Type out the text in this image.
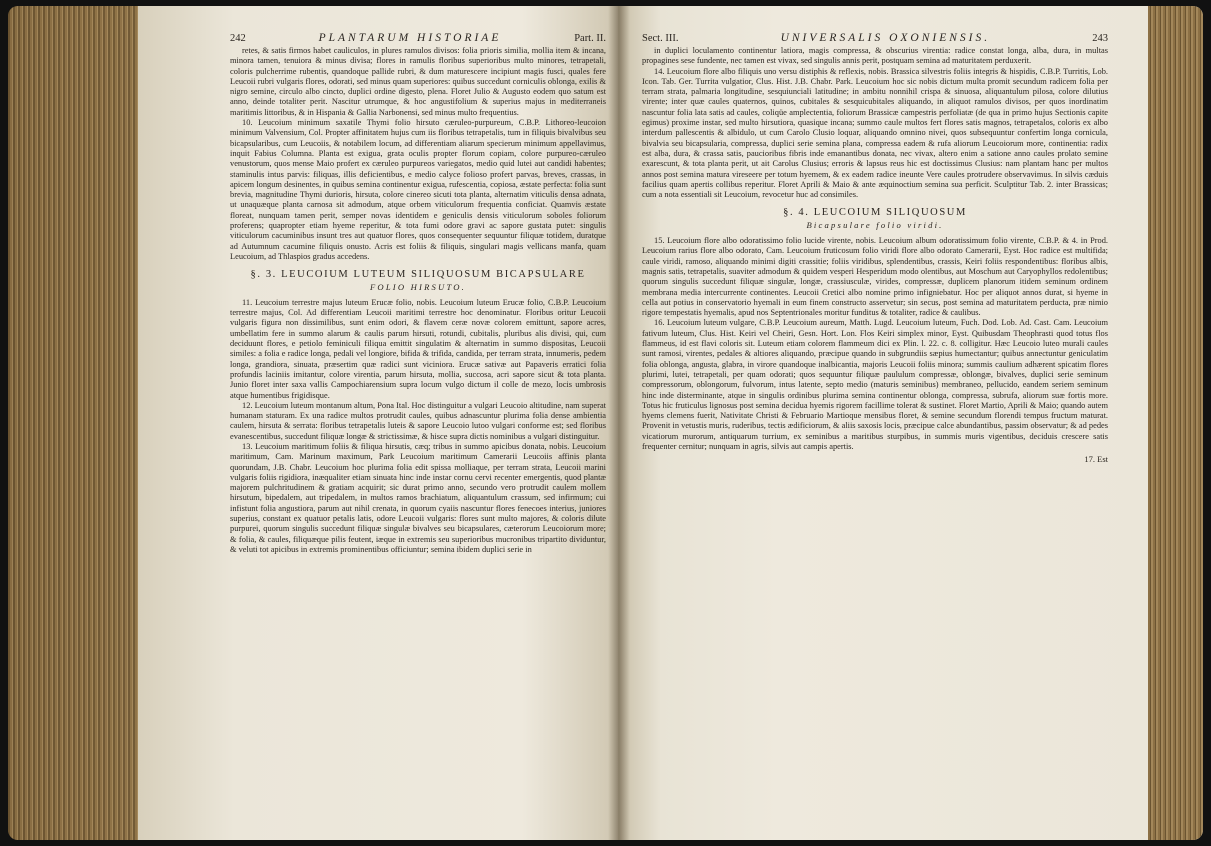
242	PLANTARUM HISTORIAE	Part. II.

retes, & satis firmos habet cauliculos, in plures ramulos divisos: folia prioris similia, mollia item & incana, minora tamen, tenuiora & minus divisa; flores in ramulis floribus superioribus multo minores, tetrapetali, coloris pulcherrime rubentis, quandoque pallide rubri, & dum maturescere incipiunt magis fusci, quales fere Leucoii rubri vulgaris flores, odorati, sed minus quam superiores: quibus succedunt corniculis oblonga, exilis & nigro semine, circulo albo cincto, duplici ordine digesto, plena. Floret Julio & Augusto eodem quo satum est anno, deinde totaliter perit. Nascitur utrumque, & hoc angustifolium & superius majus in mediterraneis maritimis littoribus, & in Hispania & Gallia Narbonensi, sed minus multo frequentius.

10. Leucoium minimum saxatile Thymi folio hirsuto cæruleo-purpureum, C.B.P. Lithoreo-leucoion minimum Valvensium, Col. Propter affinitatem hujus cum iis floribus tetrapetalis, tum in filiquis bivalvibus seu bicapsularibus, cum Leucoiis, & notabilem locum, ad differentiam aliarum specierum minimum appellavimus, inquit Fabius Columna. Planta est exigua, grata oculis propter florum copiam, colore purpureo-cæruleo venustorum, quos mense Maio profert ex cæruleo purpureos variegatos, medio quid lutei aut candidi habentes; staminulis intus parvis: filiquas, illis deficientibus, e medio calyce folioso profert parvas, breves, crassas, in apicem longum desinentes, in quibus semina continentur exigua, rufescentia, copiosa, æstate perfecta: folia sunt brevia, magnitudine Thymi durioris, hirsuta, colore cinereo sicuti tota planta, alternatim viticulis densa adnata, ut unaquæque planta carnosa sit admodum, atque orbem viticulorum frequentia conficiat. Quamvis æstate floreat, nunquam tamen perit, semper novas identidem e geniculis densis viticulorum soboles foliorum proferens; quapropter etiam hyeme reperitur, & tota fumi odore gravi ac sapore gustata putet: singulis viticulorum cacuminibus insunt tres aut quatuor flores, quos consequenter sequuntur filiquæ totidem, duratque ad Autumnum cacumine filiquis onusto. Acris est foliis & filiquis, singulari magis vellicans manfa, quam Leucoium, ad Thlaspios gradus accedens.

§. 3. LEUCOIUM LUTEUM SILIQUOSUM BICAPSULARE
FOLIO HIRSUTO.

11. Leucoium terrestre majus luteum Erucæ folio, nobis. Leucoium luteum Erucæ folio, C.B.P. Leucoium terrestre majus, Col. Ad differentiam Leucoii maritimi terrestre hoc denominatur. Floribus oritur Leucoii vulgaris figura non dissimilibus, sunt enim odori, & flavem ceræ novæ colorem emittunt, sapore acres, umbellatim fere in summo alarum & caulis parum hirsuti, rotundi, cubitalis, pluribus alis divisi, qui, cum deciduunt flores, e petiolo feminiculi filiqua emittit singulatim & alternatim in summo dispositas, Leucoii similes: a folia e radice longa, pedali vel longiore, bifida & trifida, candida, per terram strata, innumeris, pedem longa, grandiora, sinuata, præsertim quæ radici sunt viciniora. Erucæ sativæ aut Papaveris erratici folia profundis laciniis imitantur, colore virentia, parum hirsuta, mollia, succosa, acri sapore sicut & tota planta. Junio floret inter saxa vallis Campochiarensium supra locum vulgo dictum il colle de mezo, locis umbrosis atque humentibus frigidisque.

12. Leucoium luteum montanum altum, Pona Ital. Hoc distinguitur a vulgari Leucoio altitudine, nam superat humanam staturam. Ex una radice multos protrudit caules, quibus adnascuntur plurima folia dense ambientia caulem, hirsuta & serrata: floribus tetrapetalis luteis & sapore Leucoio lutoo vulgari conforme est; sed floribus evanescentibus, succedunt filiquæ longæ & strictissimæ, & hisce supra dictis nominibus a vulgari distinguitur.

13. Leucoium maritimum foliis & filiqua hirsutis, cæq; tribus in summo apicibus donata, nobis. Leucoium maritimum, Cam. Marinum maximum, Park Leucoium maritimum Camerarii Leucoiis affinis planta quorundam, J.B. Chabr. Leucoium hoc plurima folia edit spissa molliaque, per terram strata, Leucoii marini vulgaris foliis rigidiora, inæqualiter etiam sinuata hinc inde instar cornu cervi recenter emergentis, quod plantæ majorem pulchritudinem & gratiam acquirit; sic durat primo anno, secundo vero protrudit caulem mollem hirsutum, bipedalem, aut tripedalem, in multos ramos brachiatum, aliquantulum crassum, sed infirmum; cui infistunt folia angustiora, parum aut nihil crenata, in quorum cyaiis nascuntur flores fenecoes interius, juniores superius, constant ex quatuor petalis latis, odore Leucoii vulgaris: flores sunt multo majores, & coloris dilute purpurei, quorum singulis succedunt filiquæ singulæ bivalves seu bicapsulares, cæterorum Leucoiorum more; & folia, & caules, filiquæque pilis feutent, iæque in extremis seu superioribus mucronibus tripartito dividuntur, & veluti tot apicibus in extremis prominentibus officiuntur; semina ibidem duplici serie in

Sect. III.	UNIVERSALIS OXONIENSIS.	243

in duplici loculamento continentur latiora, magis compressa, & obscurius virentia: radice constat longa, alba, dura, in multas propagines sese fundente, nec tamen est vivax, sed singulis annis perit, postquam semina ad maturitatem perduxerit.

14. Leucoium flore albo filiquis uno versu distiphis & reflexis, nobis. Brassica silvestris foliis integris & hispidis, C.B.P. Turritis, Lob. Icon. Tab. Ger. Turrita vulgatior, Clus. Hist. J.B. Chabr. Park. Leucoium hoc sic nobis dictum multa promit secundum radicem folia per terram strata, palmaria longitudine, sesquiunciali latitudine; in ambitu nonnihil crispa & sinuosa, aliquantulum pilosa, colore dilutius virente; inter quæ caules quaternos, quinos, cubitales & sesquicubitales aliquando, in aliquot ramulos divisos, per quos inordinatim nascuntur folia lata satis ad caules, coliqüe amplectentia, foliorum Brassicæ campestris perfoliatæ (de qua in primo hujus Sectionis capite egimus) proxime instar, sed multo hirsutiora, quasique incana; summo caule multos fert flores satis magnos, tetrapetalos, coloris ex albo interdum pallescentis & albidulo, ut cum Carolo Clusio loquar, aliquando omnino nivei, quos subsequuntur confertim longa cornicula, bivalvia seu bicapsularia, compressa, duplici serie semina plana, compressa eadem & rufa aliorum Leucoiorum more, continentia: radix est alba, dura, & crassa satis, paucioribus fibris inde emanantibus donata, nec vivax, altero enim a satione anno caules prolato semine exarescunt, & tota planta perit, ut ait Carolus Clusius; erroris & lapsus reus hic est doctissimus Clusius: nam plantam hanc per multos annos post semina matura vireseere per totum hyemem, & ex eadem radice ineunte Vere caules protrudere observavimus. In silvis cæduis facilius quam apertis collibus reperitur. Floret Aprili & Maio & ante æquinoctium semina sua perficit. Sculptitur Tab. 2. inter Brassicas; cum a nota essentiali sit Leucoium, revocetur huc ad consimiles.

§. 4. LEUCOIUM SILIQUOSUM
Bicapsulare folio viridi.

15. Leucoium flore albo odoratissimo folio lucide virente, nobis. Leucoium album odoratissimum folio virente, C.B.P. & 4. in Prod. Leucoium rarius flore albo odorato, Cam. Leucoium fruticosum folio viridi flore albo odorato Camerarii, Eyst. Hoc radice est multifida; caule viridi, ramoso, aliquando minimi digiti crassitie; foliis viridibus, splendentibus, crassis, Keiri foliis respondentibus: floribus albis, magnis satis, tetrapetalis, suaviter admodum & quidem vesperi Hesperidum modo olentibus, aut Moschum aut Caryophyllos redolentibus; quorum singulis succedunt filiquæ singulæ, longæ, crassiusculæ, virides, compressæ, duplicem planorum itidem seminum ordinem membrana media intercurrente continentes. Leucoii Cretici albo nomine primo infigniebatur. Hoc per aliquot annos durat, si hyeme in cella aut potius in conservatorio hyemali in eum finem constructo asservetur; sin secus, post semina ad maturitatem perducta, præ nimio rigore tempestatis hyemalis, apud nos Septentrionales moritur funditus & totaliter, radice & caulibus.

16. Leucoium luteum vulgare, C.B.P. Leucoium aureum, Matth. Lugd. Leucoium luteum, Fuch. Dod. Lob. Ad. Cast. Cam. Leucoium fativum luteum, Clus. Hist. Keiri vel Cheiri, Gesn. Hort. Lon. Flos Keiri simplex minor, Eyst. Quibusdam Theophrasti quod totus flos flammeus, id est flavi coloris sit. Luteum etiam colorem flammeum dici ex Plin. l. 22. c. 8. colligitur. Hæc Leucoio luteo murali caules sunt ramosi, virentes, pedales & altiores aliquando, præcipue quando in subgrundiis sæpius humectantur; quibus annectuntur geniculatim folia oblonga, angusta, glabra, in virore quandoque inalbicantia, majoris Leucoii foliis minora; summis caulium adhærent spicatim flores plurimi, lutei, tetrapetali, per quam odorati; quos sequuntur filiquæ paululum compressæ, oblongæ, bivalves, duplici serie seminum compressorum, oblongorum, fulvorum, intus latente, septo medio (maturis seminibus) membraneo, pellucido, eandem seriem seminum hinc inde disterminante, atque in singulis ordinibus plurima semina continentur oblonga, compressa, subrufa, aliorum suæ fortis more. Totus hic fruticulus lignosus post semina decidua hyemis rigorem facillime tolerat & sustinet. Floret Martio, Aprili & Maio; quando autem hyems clemens fuerit, Nativitate Christi & Februario Martioque mensibus floret, & semine secundum florendi tempus fructum maturat. Provenit in vetustis muris, ruderibus, tectis ædificiorum, & aliis saxosis locis, præcipue calce abundantibus, passim observatur; & ad pedes vicatiorum murorum, antiquarum turrium, ex seminibus a maritibus sturpibus, in summis muris vigentibus, deciduis crescere satis frequenter cernitur; nunquam in agris, silvis aut campis apertis.

17. Est
